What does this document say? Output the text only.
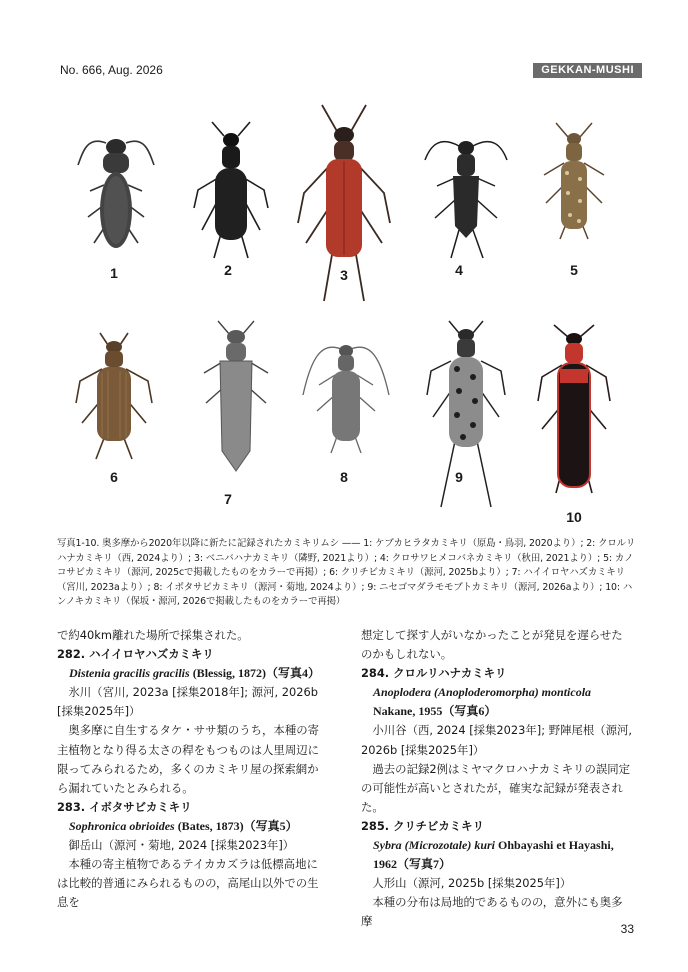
No. 666, Aug. 2026	GEKKAN-MUSHI
1	2	3	4	5
6
7
8	9
10
写真1-10. 奥多摩から2020年以降に新たに記録されたカミキリムシ —— 1: ケブカヒラタカミキリ（原島・鳥羽, 2020より）; 2: クロルリハナカミキリ（西, 2024より）; 3: ベニバハナカミキリ（隣野, 2021より）; 4: クロサワヒメコバネカミキリ（秋田, 2021より）; 5: カノコサビカミキリ（源河, 2025cで掲載したものをカラーで再掲）; 6: クリチビカミキリ（源河, 2025bより）; 7: ハイイロヤハズカミキリ（宮川, 2023aより）; 8: イボタサビカミキリ（源河・菊地, 2024より）; 9: ニセゴマダラモモブトカミキリ（源河, 2026aより）; 10: ハンノキカミキリ（保坂・源河, 2026で掲載したものをカラーで再掲）

で約40km離れた場所で採集された。

282. ハイイロヤハズカミキリ

Distenia gracilis gracilis (Blessig, 1872)（写真4）

氷川（宮川, 2023a [採集2018年]; 源河, 2026b [採集2025年]）

奥多摩に自生するタケ・ササ類のうち，本種の寄主植物となり得る太さの稈をもつものは人里周辺に限ってみられるため，多くのカミキリ屋の探索網から漏れていたとみられる。

283. イボタサビカミキリ

Sophronica obrioides (Bates, 1873)（写真5）

御岳山（源河・菊地, 2024 [採集2023年]）

本種の寄主植物であるテイカカズラは低標高地には比較的普通にみられるものの，高尾山以外での生息を

想定して探す人がいなかったことが発見を遅らせたのかもしれない。

284. クロルリハナカミキリ

Anoplodera (Anoploderomorpha) monticola Nakane, 1955（写真6）

小川谷（西, 2024 [採集2023年]; 野陣尾根（源河, 2026b [採集2025年]）

過去の記録2例はミヤマクロハナカミキリの誤同定の可能性が高いとされたが，確実な記録が発表された。

285. クリチビカミキリ

Sybra (Microzotale) kuri Ohbayashi et Hayashi, 1962（写真7）

人形山（源河, 2025b [採集2025年]）

本種の分布は局地的であるものの，意外にも奥多摩

33
